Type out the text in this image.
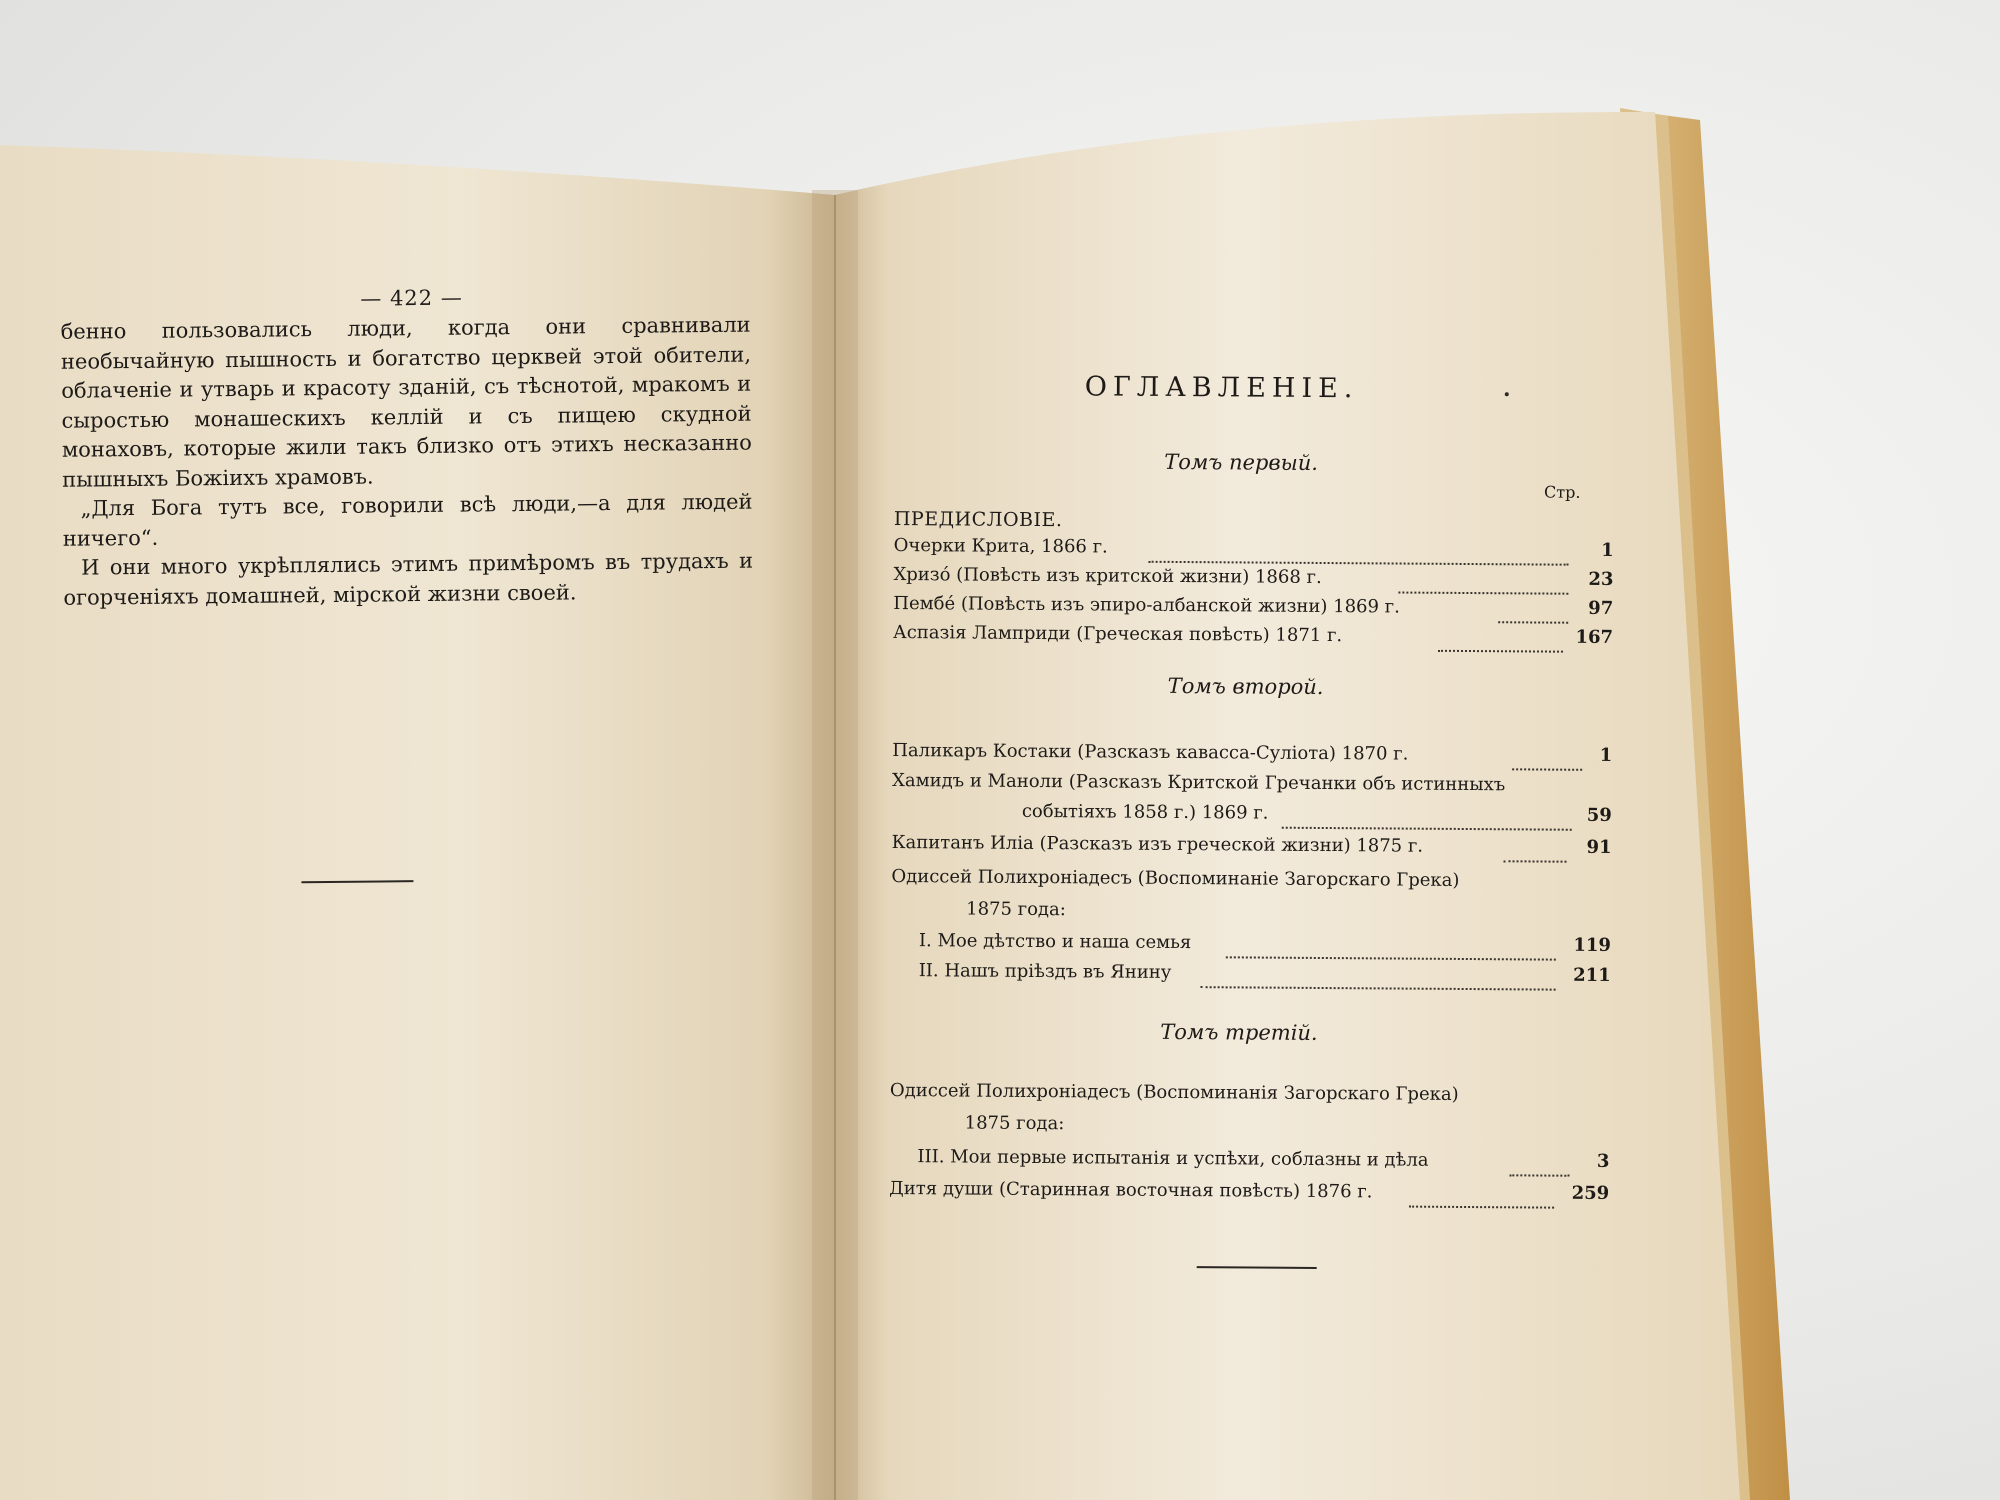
— 422 —

бенно пользовались люди, когда они сравнивали необычайную пышность и богатство церквей этой обители, облаченіе и утварь и красоту зданій, съ тѣснотой, мракомъ и сыростью монашескихъ келлій и съ пищею скудной монаховъ, которые жили такъ близко отъ этихъ несказанно пышныхъ Божіихъ храмовъ.

„Для Бога тутъ все, говорили всѣ люди,—а для людей ничего“.

И они много укрѣплялись этимъ примѣромъ въ трудахъ и огорченіяхъ домашней, мірской жизни своей.

ОГЛАВЛЕНІЕ.
Томъ первый.
Стр.
ПРЕДИСЛОВІЕ.
Очерки Крита, 1866 г.	1
Хризó (Повѣсть изъ критской жизни) 1868 г.	23
Пембé (Повѣсть изъ эпиро-албанской жизни) 1869 г.	97
Аспазія Ламприди (Греческая повѣсть) 1871 г.	167
Томъ второй.
Паликаръ Костаки (Разсказъ кавасса-Суліота) 1870 г.	1
Хамидъ и Маноли (Разсказъ Критской Гречанки объ истинныхъ
событіяхъ 1858 г.) 1869 г.	59
Капитанъ Иліа (Разсказъ изъ греческой жизни) 1875 г.	91
Одиссей Полихроніадесъ (Воспоминаніе Загорскаго Грека)
1875 года:
I. Мое дѣтство и наша семья	119
II. Нашъ пріѣздъ въ Янину	211
Томъ третій.
Одиссей Полихроніадесъ (Воспоминанія Загорскаго Грека)
1875 года:
III. Мои первые испытанія и успѣхи, соблазны и дѣла	3
Дитя души (Старинная восточная повѣсть) 1876 г.	259
